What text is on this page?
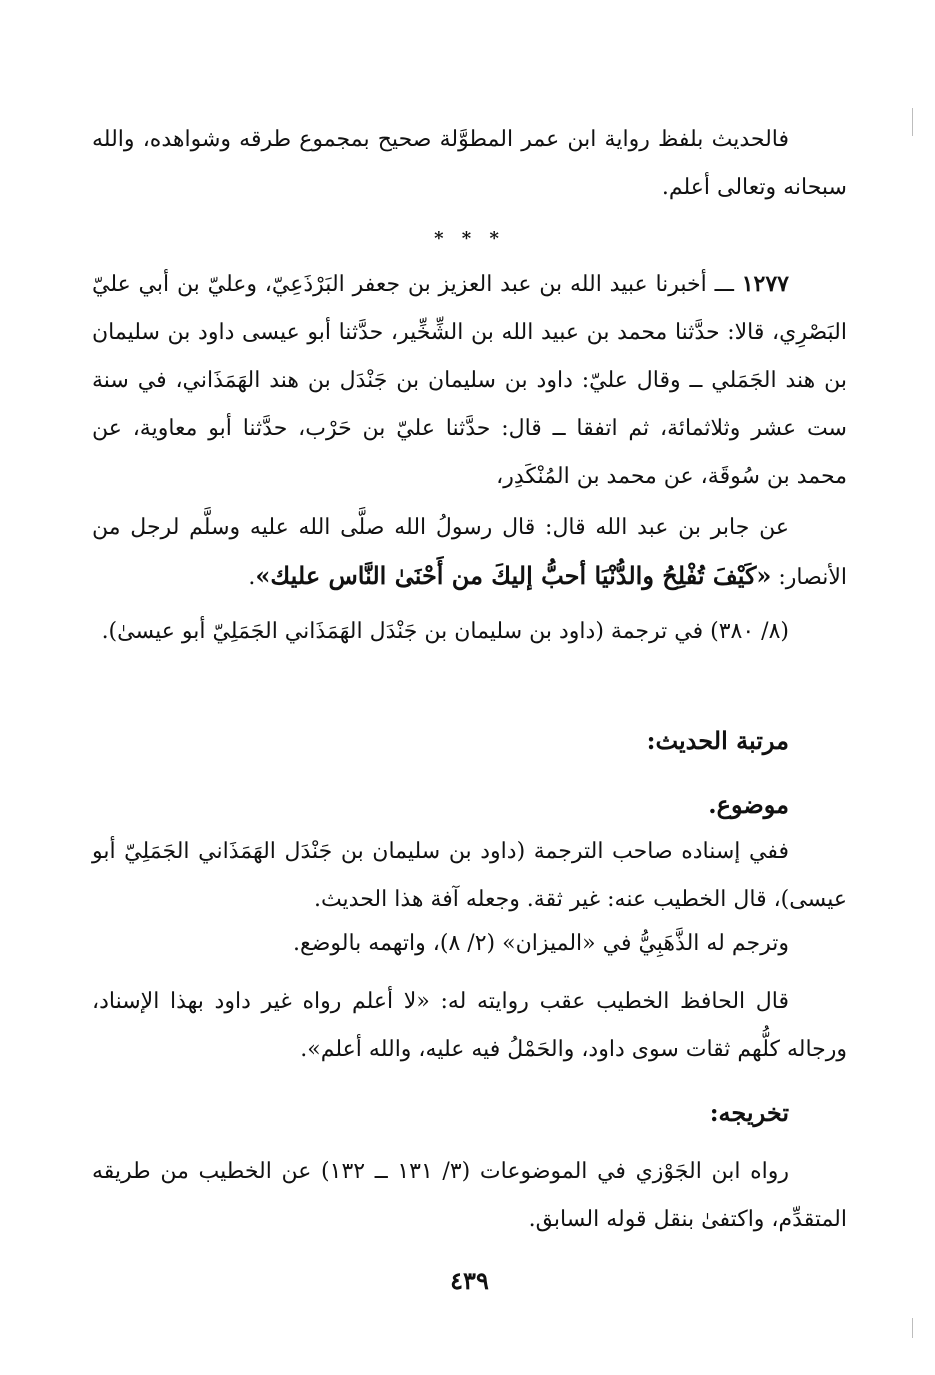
فالحديث بلفظ رواية ابن عمر المطوَّلة صحيح بمجموع طرقه وشواهده، والله سبحانه وتعالى أعلم.

* * *

١٢٧٧ ـــ أخبرنا عبيد الله بن عبد العزيز بن جعفر البَرْذَعِيّ، وعليّ بن أبي عليّ البَصْرِي، قالا: حدَّثنا محمد بن عبيد الله بن الشِّخِّير، حدَّثنا أبو عيسى داود بن سليمان بن هند الجَمَلي ــ وقال عليّ: داود بن سليمان بن جَنْدَل بن هند الهَمَذَاني، في سنة ست عشر وثلاثمائة، ثم اتفقا ــ قال: حدَّثنا عليّ بن حَرْب، حدَّثنا أبو معاوية، عن محمد بن سُوقَة، عن محمد بن المُنْكَدِر،

عن جابر بن عبد الله قال: قال رسولُ الله صلَّى الله عليه وسلَّم لرجل من الأنصار: «كَيْفَ تُفْلِحُ والدُّنْيَا أحبُّ إليكَ من أَحْنَىٰ النَّاس عليك».

(٨/ ٣٨٠) في ترجمة (داود بن سليمان بن جَنْدَل الهَمَذَاني الجَمَلِيّ أبو عيسىٰ).

مرتبة الحديث:

موضوع.

ففي إسناده صاحب الترجمة (داود بن سليمان بن جَنْدَل الهَمَذَاني الجَمَلِيّ أبو عيسى)، قال الخطيب عنه: غير ثقة. وجعله آفة هذا الحديث.

وترجم له الذَّهَبِيُّ في «الميزان» (٢/ ٨)، واتهمه بالوضع.

قال الحافظ الخطيب عقب روايته له: «لا أعلم رواه غير داود بهذا الإسناد، ورجاله كلُّهم ثقات سوى داود، والحَمْلُ فيه عليه، والله أعلم».

تخريجه:

رواه ابن الجَوْزي في الموضوعات (٣/ ١٣١ ــ ١٣٢) عن الخطيب من طريقه المتقدِّم، واكتفىٰ بنقل قوله السابق.

٤٣٩
